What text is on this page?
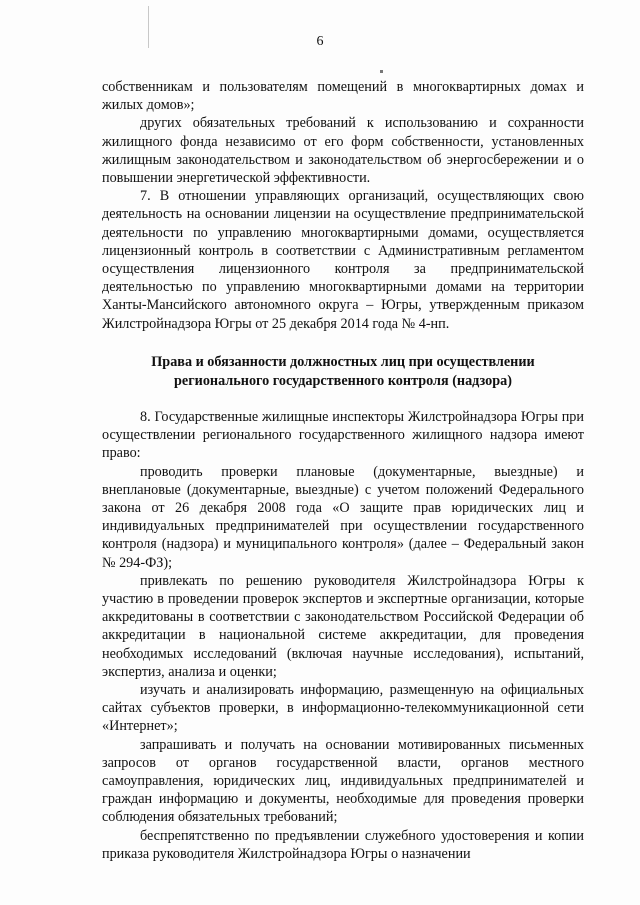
6

собственникам и пользователям помещений в многоквартирных домах и жилых домов»;

других обязательных требований к использованию и сохранности жилищного фонда независимо от его форм собственности, установленных жилищным законодательством и законодательством об энергосбережении и о повышении энергетической эффективности.

7. В отношении управляющих организаций, осуществляющих свою деятельность на основании лицензии на осуществление предпринимательской деятельности по управлению многоквартирными домами, осуществляется лицензионный контроль в соответствии с Административным регламентом осуществления лицензионного контроля за предпринимательской деятельностью по управлению многоквартирными домами на территории Ханты-Мансийского автономного округа – Югры, утвержденным приказом Жилстройнадзора Югры от 25 декабря 2014 года № 4-нп.

Права и обязанности должностных лиц при осуществлении
регионального государственного контроля (надзора)

8. Государственные жилищные инспекторы Жилстройнадзора Югры при осуществлении регионального государственного жилищного надзора имеют право:

проводить проверки плановые (документарные, выездные) и внеплановые (документарные, выездные) с учетом положений Федерального закона от 26 декабря 2008 года «О защите прав юридических лиц и индивидуальных предпринимателей при осуществлении государственного контроля (надзора) и муниципального контроля» (далее – Федеральный закон № 294-ФЗ);

привлекать по решению руководителя Жилстройнадзора Югры к участию в проведении проверок экспертов и экспертные организации, которые аккредитованы в соответствии с законодательством Российской Федерации об аккредитации в национальной системе аккредитации, для проведения необходимых исследований (включая научные исследования), испытаний, экспертиз, анализа и оценки;

изучать и анализировать информацию, размещенную на официальных сайтах субъектов проверки, в информационно-телекоммуникационной сети «Интернет»;

запрашивать и получать на основании мотивированных письменных запросов от органов государственной власти, органов местного самоуправления, юридических лиц, индивидуальных предпринимателей и граждан информацию и документы, необходимые для проведения проверки соблюдения обязательных требований;

беспрепятственно по предъявлении служебного удостоверения и копии приказа руководителя Жилстройнадзора Югры о назначении
